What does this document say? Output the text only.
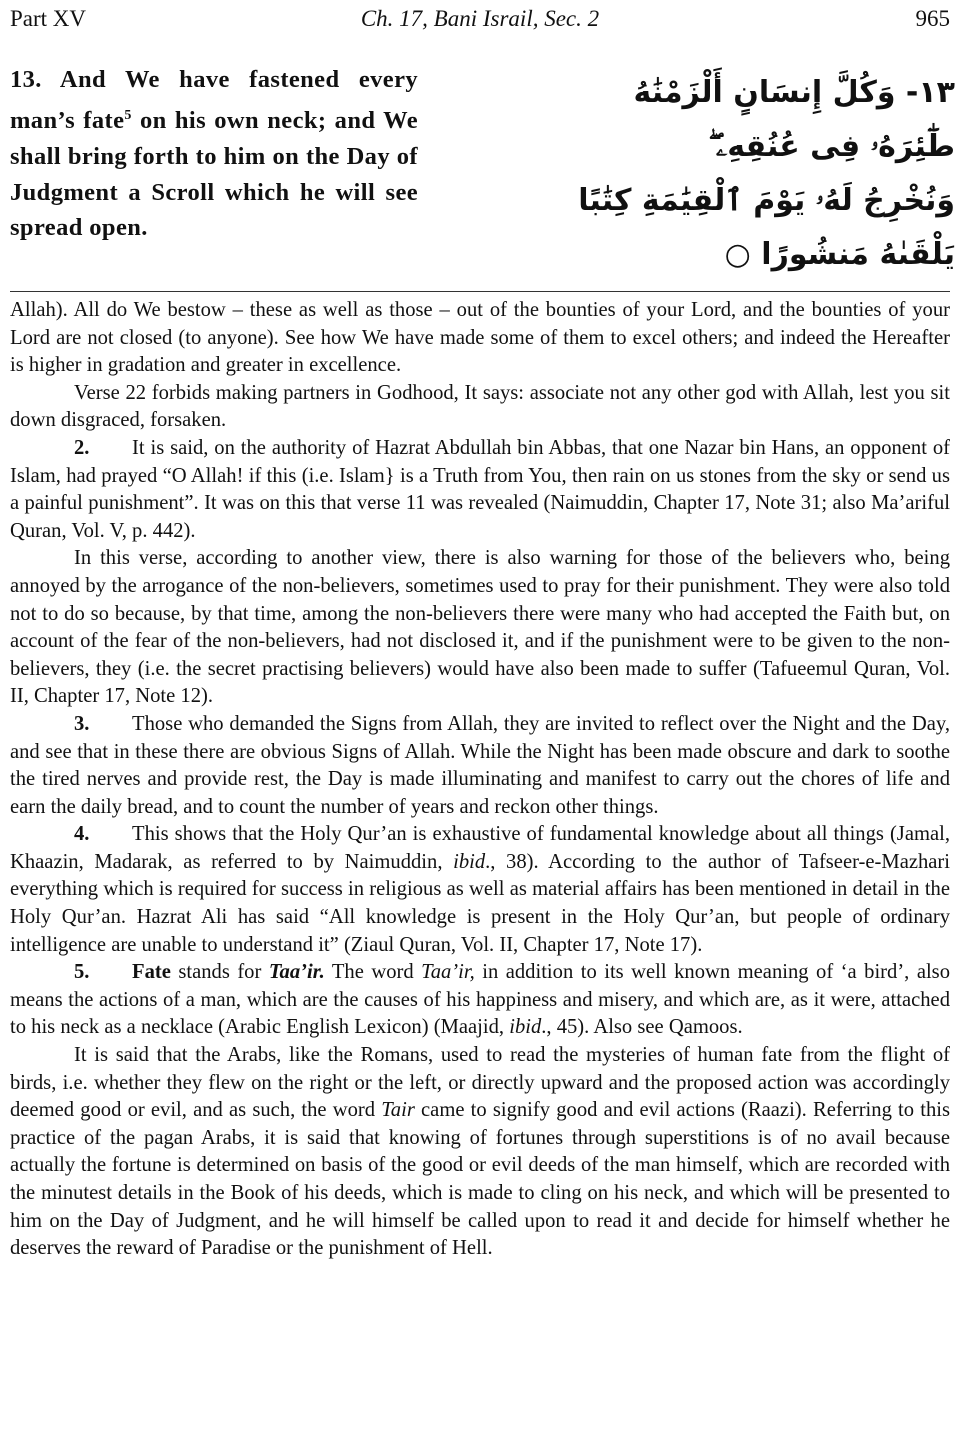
Part XV	Ch. 17, Bani Israil, Sec. 2	965
13. And We have fastened every man’s fate$^5$ on his own neck; and We shall bring forth to him on the Day of Judgment a Scroll which he will see spread open.
١٣- وَكُلَّ إِنسَانٍ أَلْزَمْنَٰهُ
طَٰٓئِرَهُۥ فِى عُنُقِهِۦ ۖ
وَنُخْرِجُ لَهُۥ يَوْمَ ٱلْقِيَٰمَةِ كِتَٰبًا
يَلْقَىٰهُ مَنشُورًا ○

Allah). All do We bestow – these as well as those – out of the bounties of your Lord, and the bounties of your Lord are not closed (to anyone). See how We have made some of them to excel others; and indeed the Hereafter is higher in gradation and greater in excellence.

Verse 22 forbids making partners in Godhood, It says: associate not any other god with Allah, lest you sit down disgraced, forsaken.

2. It is said, on the authority of Hazrat Abdullah bin Abbas, that one Nazar bin Hans, an opponent of Islam, had prayed “O Allah! if this (i.e. Islam} is a Truth from You, then rain on us stones from the sky or send us a painful punishment”. It was on this that verse 11 was revealed (Naimuddin, Chapter 17, Note 31; also Ma’ariful Quran, Vol. V, p. 442).

In this verse, according to another view, there is also warning for those of the believers who, being annoyed by the arrogance of the non-believers, sometimes used to pray for their punishment. They were also told not to do so because, by that time, among the non-believers there were many who had accepted the Faith but, on account of the fear of the non-believers, had not disclosed it, and if the punishment were to be given to the non-believers, they (i.e. the secret practising believers) would have also been made to suffer (Tafueemul Quran, Vol. II, Chapter 17, Note 12).

3. Those who demanded the Signs from Allah, they are invited to reflect over the Night and the Day, and see that in these there are obvious Signs of Allah. While the Night has been made obscure and dark to soothe the tired nerves and provide rest, the Day is made illuminating and manifest to carry out the chores of life and earn the daily bread, and to count the number of years and reckon other things.

4. This shows that the Holy Qur’an is exhaustive of fundamental knowledge about all things (Jamal, Khaazin, Madarak, as referred to by Naimuddin, ibid., 38). According to the author of Tafseer-e-Mazhari everything which is required for success in religious as well as material affairs has been mentioned in detail in the Holy Qur’an. Hazrat Ali has said “All knowledge is present in the Holy Qur’an, but people of ordinary intelligence are unable to understand it” (Ziaul Quran, Vol. II, Chapter 17, Note 17).

5. Fate stands for Taa’ir. The word Taa’ir, in addition to its well known meaning of ‘a bird’, also means the actions of a man, which are the causes of his happiness and misery, and which are, as it were, attached to his neck as a necklace (Arabic English Lexicon) (Maajid, ibid., 45). Also see Qamoos.

It is said that the Arabs, like the Romans, used to read the mysteries of human fate from the flight of birds, i.e. whether they flew on the right or the left, or directly upward and the proposed action was accordingly deemed good or evil, and as such, the word Tair came to signify good and evil actions (Raazi). Referring to this practice of the pagan Arabs, it is said that knowing of fortunes through superstitions is of no avail because actually the fortune is determined on basis of the good or evil deeds of the man himself, which are recorded with the minutest details in the Book of his deeds, which is made to cling on his neck, and which will be presented to him on the Day of Judgment, and he will himself be called upon to read it and decide for himself whether he deserves the reward of Paradise or the punishment of Hell.
